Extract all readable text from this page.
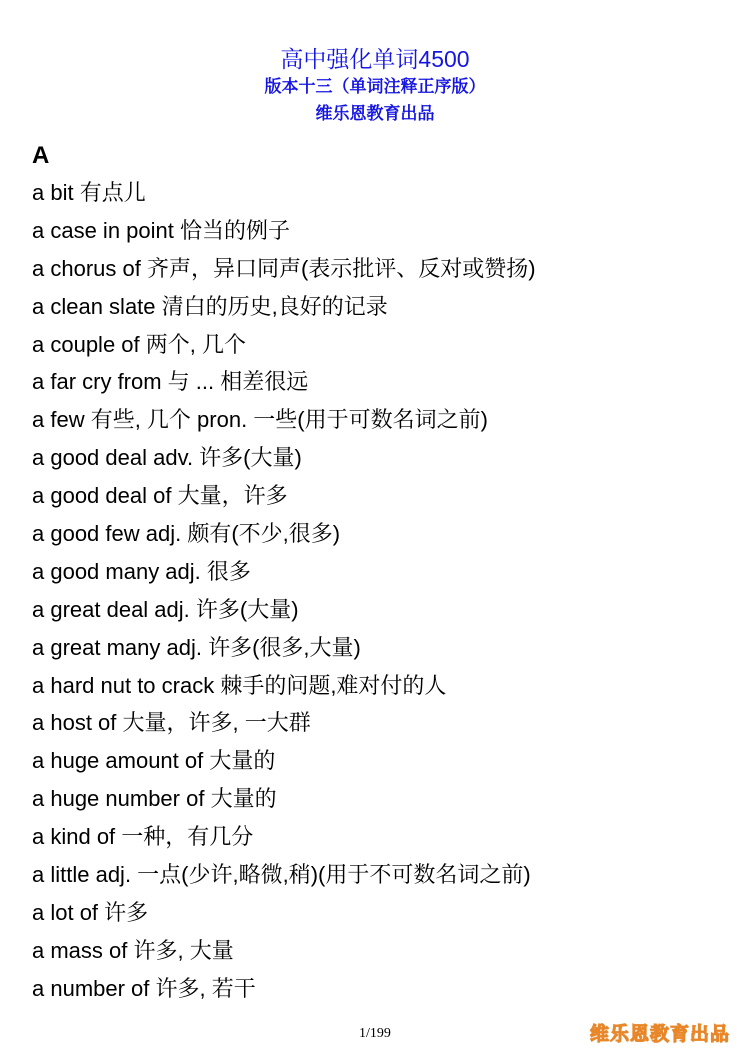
高中强化单词4500
版本十三（单词注释正序版）
维乐恩教育出品
A
a bit 有点儿
a case in point 恰当的例子
a chorus of 齐声，异口同声(表示批评、反对或赞扬)
a clean slate 清白的历史,良好的记录
a couple of 两个, 几个
a far cry from 与 ... 相差很远
a few 有些, 几个 pron. 一些(用于可数名词之前)
a good deal adv. 许多(大量)
a good deal of 大量，许多
a good few adj. 颇有(不少,很多)
a good many adj. 很多
a great deal adj. 许多(大量)
a great many adj. 许多(很多,大量)
a hard nut to crack 棘手的问题,难对付的人
a host of 大量，许多, 一大群
a huge amount of 大量的
a huge number of 大量的
a kind of 一种，有几分
a little adj. 一点(少许,略微,稍)(用于不可数名词之前)
a lot of 许多
a mass of 许多, 大量
a number of 许多, 若干
1/199	维乐恩教育出品
